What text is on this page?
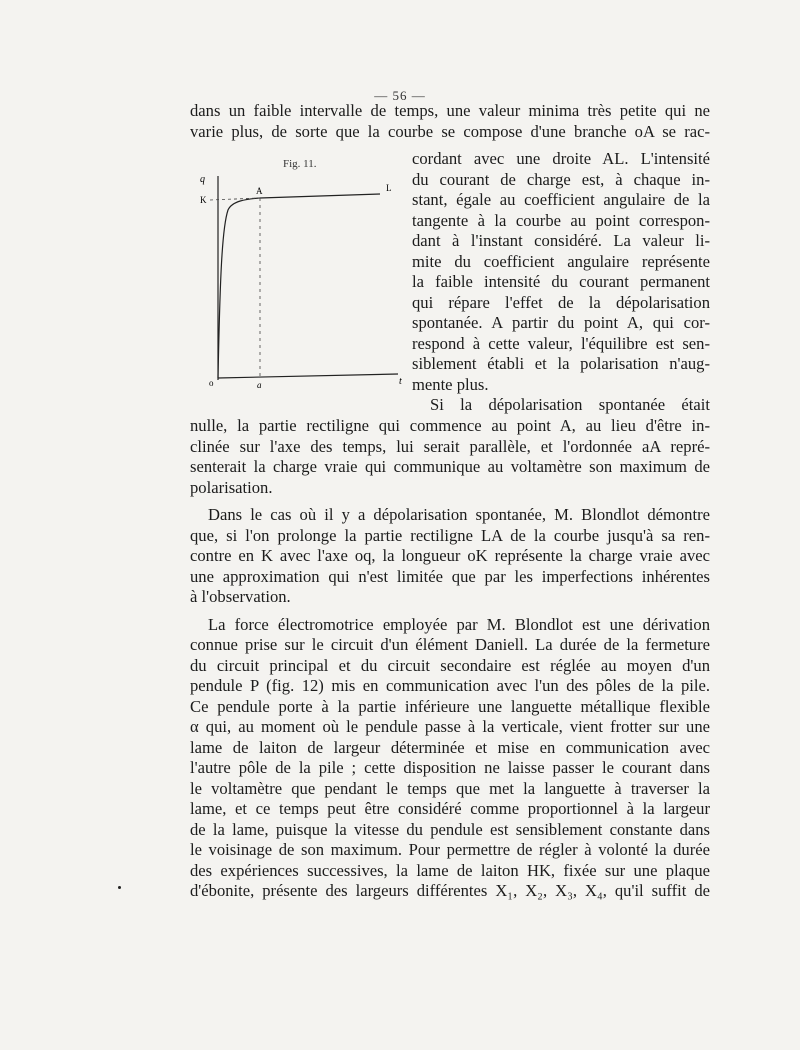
— 56 —
dans un faible intervalle de temps, une valeur minima très petite qui ne
varie plus, de sorte que la courbe se compose d'une branche oA se rac-
Fig. 11.
q
K
A	L
o	a	t
cordant avec une droite AL. L'intensité
du courant de charge est, à chaque in-
stant, égale au coefficient angulaire de la
tangente à la courbe au point correspon-
dant à l'instant considéré. La valeur li-
mite du coefficient angulaire représente
la faible intensité du courant permanent
qui répare l'effet de la dépolarisation
spontanée. A partir du point A, qui cor-
respond à cette valeur, l'équilibre est sen-
siblement établi et la polarisation n'aug-
mente plus.
Si la dépolarisation spontanée était
nulle, la partie rectiligne qui commence au point A, au lieu d'être in-
clinée sur l'axe des temps, lui serait parallèle, et l'ordonnée aA repré-
senterait la charge vraie qui communique au voltamètre son maximum de
polarisation.
Dans le cas où il y a dépolarisation spontanée, M. Blondlot démontre
que, si l'on prolonge la partie rectiligne LA de la courbe jusqu'à sa ren-
contre en K avec l'axe oq, la longueur oK représente la charge vraie avec
une approximation qui n'est limitée que par les imperfections inhérentes
à l'observation.
La force électromotrice employée par M. Blondlot est une dérivation
connue prise sur le circuit d'un élément Daniell. La durée de la fermeture
du circuit principal et du circuit secondaire est réglée au moyen d'un
pendule P (fig. 12) mis en communication avec l'un des pôles de la pile.
Ce pendule porte à la partie inférieure une languette métallique flexible
α qui, au moment où le pendule passe à la verticale, vient frotter sur une
lame de laiton de largeur déterminée et mise en communication avec
l'autre pôle de la pile ; cette disposition ne laisse passer le courant dans
le voltamètre que pendant le temps que met la languette à traverser la
lame, et ce temps peut être considéré comme proportionnel à la largeur
de la lame, puisque la vitesse du pendule est sensiblement constante dans
le voisinage de son maximum. Pour permettre de régler à volonté la durée
des expériences successives, la lame de laiton HK, fixée sur une plaque
d'ébonite, présente des largeurs différentes X₁, X₂, X₃, X₄, qu'il suffit de
